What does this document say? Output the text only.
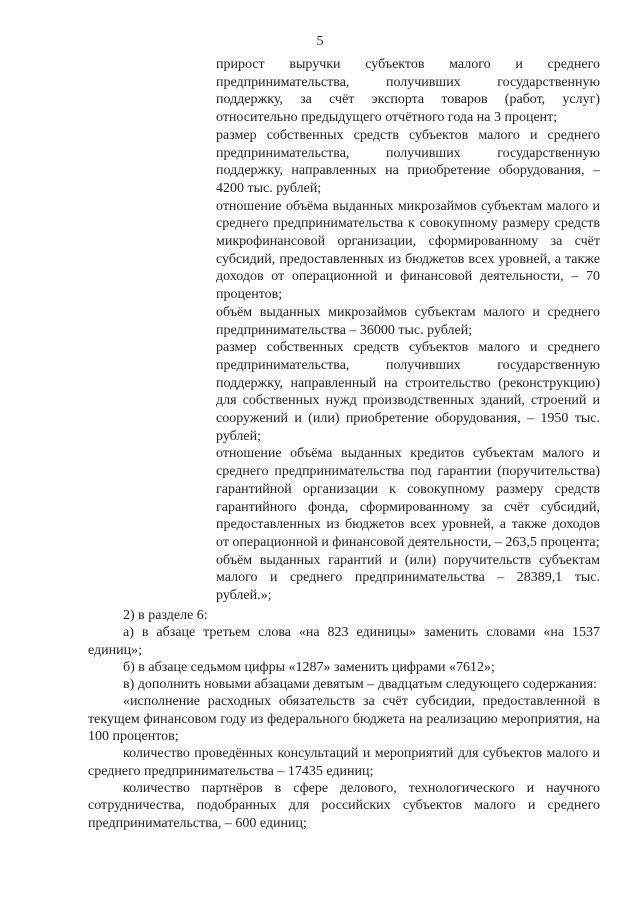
5

прирост выручки субъектов малого и среднего предпринимательства, получивших государственную поддержку, за счёт экспорта товаров (работ, услуг) относительно предыдущего отчётного года на 3 процент;

размер собственных средств субъектов малого и среднего предпринимательства, получивших государственную поддержку, направленных на приобретение оборудования, – 4200 тыс. рублей;

отношение объёма выданных микрозаймов субъектам малого и среднего предпринимательства к совокупному размеру средств микрофинансовой организации, сформированному за счёт субсидий, предоставленных из бюджетов всех уровней, а также доходов от операционной и финансовой деятельности, – 70 процентов;

объём выданных микрозаймов субъектам малого и среднего предпринимательства – 36000 тыс. рублей;

размер собственных средств субъектов малого и среднего предпринимательства, получивших государственную поддержку, направленный на строительство (реконструкцию) для собственных нужд производственных зданий, строений и сооружений и (или) приобретение оборудования, – 1950 тыс. рублей;

отношение объёма выданных кредитов субъектам малого и среднего предпринимательства под гарантии (поручительства) гарантийной организации к совокупному размеру средств гарантийного фонда, сформированному за счёт субсидий, предоставленных из бюджетов всех уровней, а также доходов от операционной и финансовой деятельности, – 263,5 процента;

объём выданных гарантий и (или) поручительств субъектам малого и среднего предпринимательства – 28389,1 тыс. рублей.»;

2) в разделе 6:

а) в абзаце третьем слова «на 823 единицы» заменить словами «на 1537 единиц»;

б) в абзаце седьмом цифры «1287» заменить цифрами «7612»;

в) дополнить новыми абзацами девятым – двадцатым следующего содержания:

«исполнение расходных обязательств за счёт субсидии, предоставленной в текущем финансовом году из федерального бюджета на реализацию мероприятия, на 100 процентов;

количество проведённых консультаций и мероприятий для субъектов малого и среднего предпринимательства – 17435 единиц;

количество партнёров в сфере делового, технологического и научного сотрудничества, подобранных для российских субъектов малого и среднего предпринимательства, – 600 единиц;
